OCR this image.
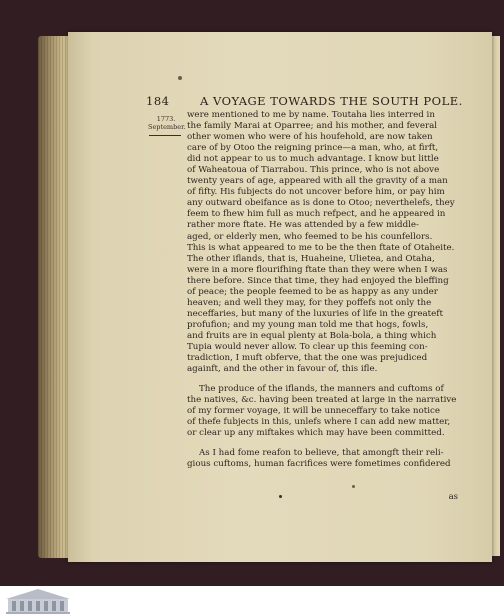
184	A VOYAGE TOWARDS THE SOUTH POLE.
1773.
September.
were mentioned to me by name. Toutaha lies interred in
the family Marai at Oparree; and his mother, and feveral
other women who were of his houfehold, are now taken
care of by Otoo the reigning prince—a man, who, at firft,
did not appear to us to much advantage. I know but little
of Waheatoua of Tiarrabou. This prince, who is not above
twenty years of age, appeared with all the gravity of a man
of fifty. His fubjects do not uncover before him, or pay him
any outward obeifance as is done to Otoo; neverthelefs, they
feem to fhew him full as much refpect, and he appeared in
rather more ftate. He was attended by a few middle-
aged, or elderly men, who feemed to be his counfellors.
This is what appeared to me to be the then ftate of Otaheite.
The other iflands, that is, Huaheine, Ulietea, and Otaha,
were in a more flourifhing ftate than they were when I was
there before. Since that time, they had enjoyed the bleffing
of peace; the people feemed to be as happy as any under
heaven; and well they may, for they poffefs not only the
neceffaries, but many of the luxuries of life in the greateft
profufion; and my young man told me that hogs, fowls,
and fruits are in equal plenty at Bola-bola, a thing which
Tupia would never allow. To clear up this feeming con-
tradiction, I muft obferve, that the one was prejudiced
againft, and the other in favour of, this ifle.
The produce of the iflands, the manners and cuftoms of
the natives, &c. having been treated at large in the narrative
of my former voyage, it will be unneceffary to take notice
of thefe fubjects in this, unlefs where I can add new matter,
or clear up any miftakes which may have been committed.
As I had fome reafon to believe, that amongft their reli-
gious cuftoms, human facrifices were fometimes confidered
as
